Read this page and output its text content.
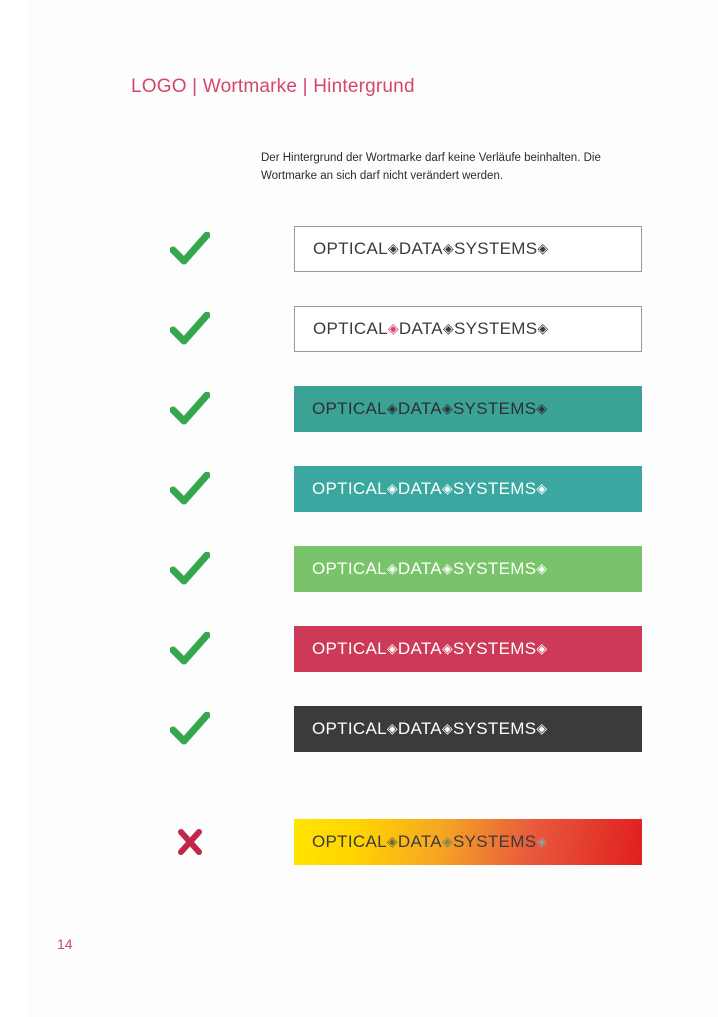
LOGO | Wortmarke | Hintergrund
Der Hintergrund der Wortmarke darf keine Verläufe beinhalten. Die Wortmarke an sich darf nicht verändert werden.
OPTICAL◈DATA◈SYSTEMS◈
OPTICAL◈DATA◈SYSTEMS◈
OPTICAL◈DATA◈SYSTEMS◈
OPTICAL◈DATA◈SYSTEMS◈
OPTICAL◈DATA◈SYSTEMS◈
OPTICAL◈DATA◈SYSTEMS◈
OPTICAL◈DATA◈SYSTEMS◈
OPTICAL◈DATA◈SYSTEMS◈
14
